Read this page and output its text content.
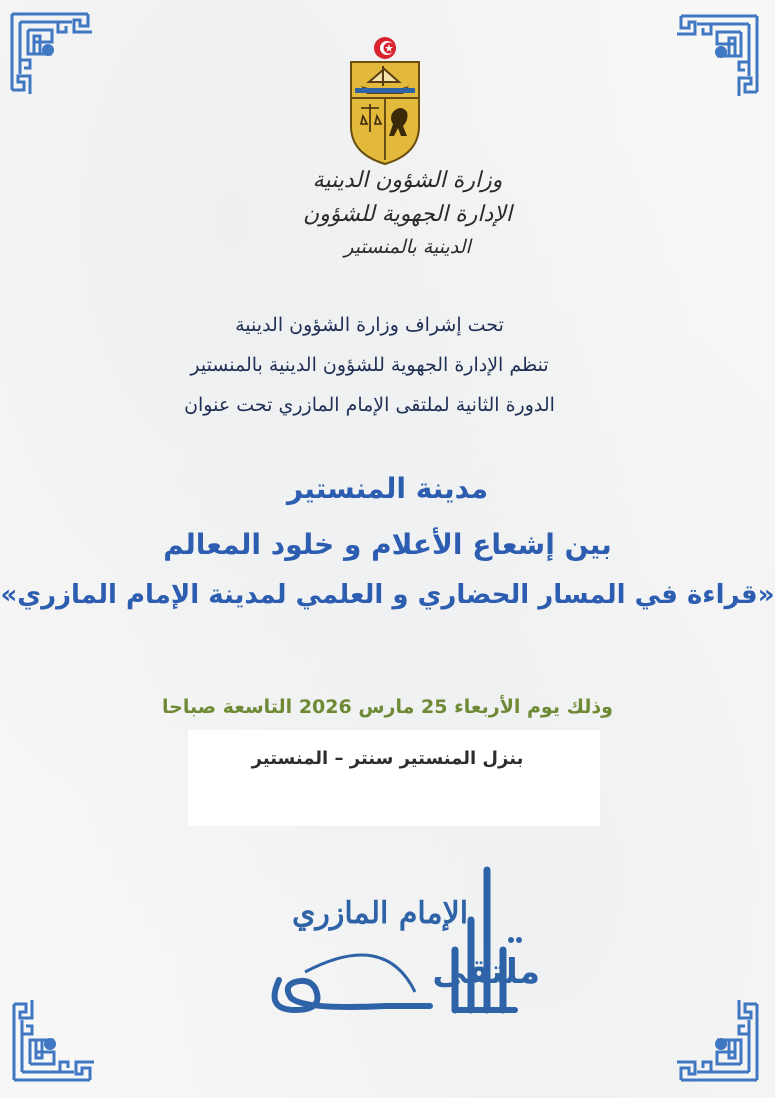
وزارة الشؤون الدينية
الإدارة الجهوية للشؤون
الدينية بالمنستير
تحت إشراف وزارة الشؤون الدينية
تنظم الإدارة الجهوية للشؤون الدينية بالمنستير
الدورة الثانية لملتقى الإمام المازري تحت عنوان
مدينة المنستير
بين إشعاع الأعلام و خلود المعالم
«قراءة في المسار الحضاري و العلمي لمدينة الإمام المازري»
وذلك يوم الأربعاء 25 مارس 2026 التاسعة صباحا
بنزل المنستير سنتر – المنستير
الإمام المازري
ملتقى
